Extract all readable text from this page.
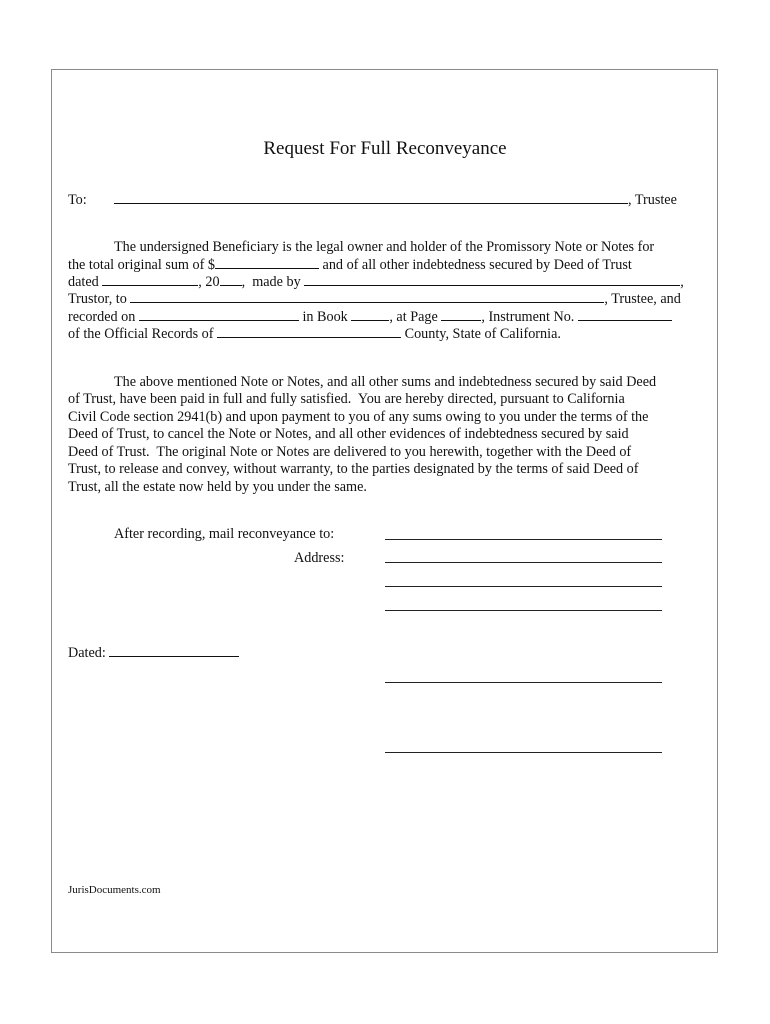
Request For Full Reconveyance
To:	, Trustee
The undersigned Beneficiary is the legal owner and holder of the Promissory Note or Notes for
the total original sum of $	and of all other indebtedness secured by Deed of Trust
dated	, 20 ,  made by	,
Trustor, to	, Trustee, and
recorded on	in Book	, at Page	, Instrument No.
of the Official Records of	County, State of California.
The above mentioned Note or Notes, and all other sums and indebtedness secured by said Deed
of Trust, have been paid in full and fully satisfied.  You are hereby directed, pursuant to California
Civil Code section 2941(b) and upon payment to you of any sums owing to you under the terms of the
Deed of Trust, to cancel the Note or Notes, and all other evidences of indebtedness secured by said
Deed of Trust.  The original Note or Notes are delivered to you herewith, together with the Deed of
Trust, to release and convey, without warranty, to the parties designated by the terms of said Deed of
Trust, all the estate now held by you under the same.
After recording, mail reconveyance to:
Address:
Dated:
JurisDocuments.com
